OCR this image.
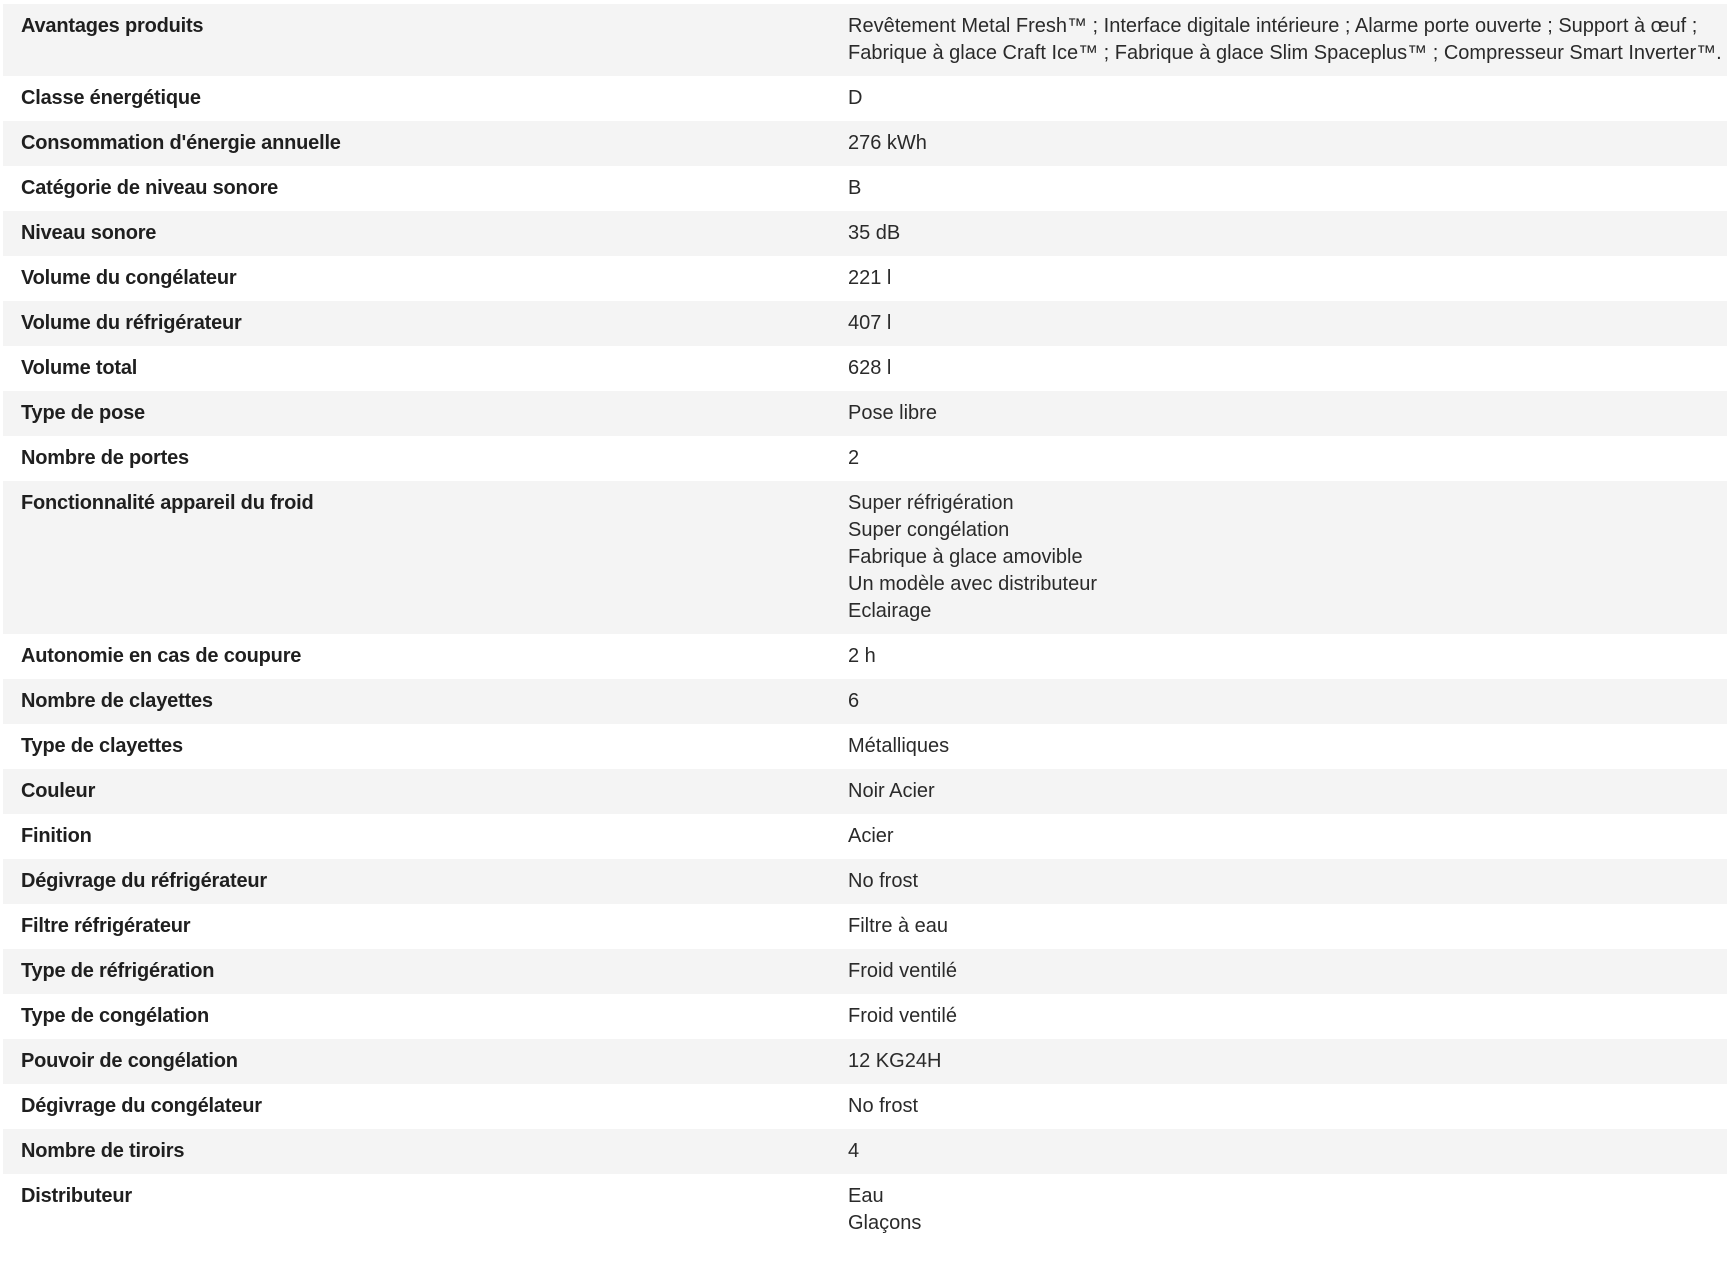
Avantages produits	Revêtement Metal Fresh™ ; Interface digitale intérieure ; Alarme porte ouverte ; Support à œuf ; Fabrique à glace Craft Ice™ ; Fabrique à glace Slim Spaceplus™ ; Compresseur Smart Inverter™.
Classe énergétique	D
Consommation d'énergie annuelle	276 kWh
Catégorie de niveau sonore	B
Niveau sonore	35 dB
Volume du congélateur	221 l
Volume du réfrigérateur	407 l
Volume total	628 l
Type de pose	Pose libre
Nombre de portes	2
Fonctionnalité appareil du froid	Super réfrigération
Super congélation
Fabrique à glace amovible
Un modèle avec distributeur
Eclairage
Autonomie en cas de coupure	2 h
Nombre de clayettes	6
Type de clayettes	Métalliques
Couleur	Noir Acier
Finition	Acier
Dégivrage du réfrigérateur	No frost
Filtre réfrigérateur	Filtre à eau
Type de réfrigération	Froid ventilé
Type de congélation	Froid ventilé
Pouvoir de congélation	12 KG24H
Dégivrage du congélateur	No frost
Nombre de tiroirs	4
Distributeur	Eau
Glaçons
